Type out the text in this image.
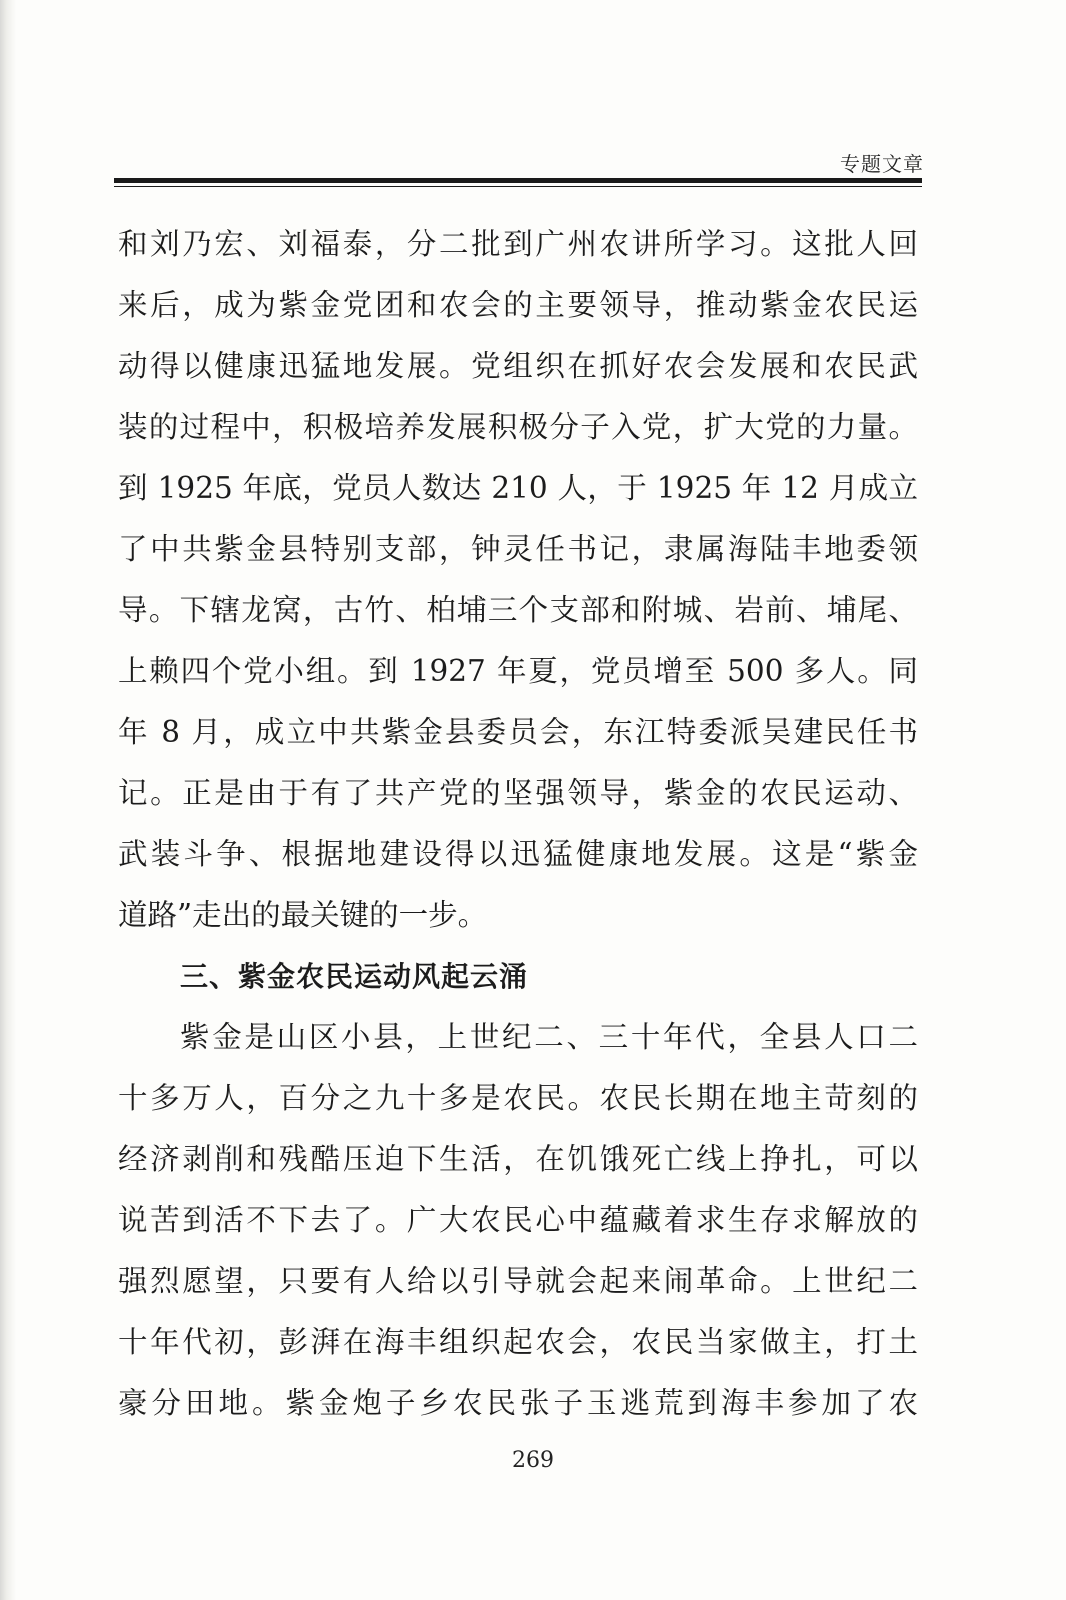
专题文章
和刘乃宏、刘福泰，分二批到广州农讲所学习。这批人回
来后，成为紫金党团和农会的主要领导，推动紫金农民运
动得以健康迅猛地发展。党组织在抓好农会发展和农民武
装的过程中，积极培养发展积极分子入党，扩大党的力量。
到 1925 年底，党员人数达 210 人，于 1925 年 12 月成立
了中共紫金县特别支部，钟灵任书记，隶属海陆丰地委领
导。下辖龙窝，古竹、柏埔三个支部和附城、岩前、埔尾、
上赖四个党小组。到 1927 年夏，党员增至 500 多人。同
年 8 月，成立中共紫金县委员会，东江特委派吴建民任书
记。正是由于有了共产党的坚强领导，紫金的农民运动、
武装斗争、根据地建设得以迅猛健康地发展。这是“紫金
道路”走出的最关键的一步。
三、紫金农民运动风起云涌
紫金是山区小县，上世纪二、三十年代，全县人口二
十多万人，百分之九十多是农民。农民长期在地主苛刻的
经济剥削和残酷压迫下生活，在饥饿死亡线上挣扎，可以
说苦到活不下去了。广大农民心中蕴藏着求生存求解放的
强烈愿望，只要有人给以引导就会起来闹革命。上世纪二
十年代初，彭湃在海丰组织起农会，农民当家做主，打土
豪分田地。紫金炮子乡农民张子玉逃荒到海丰参加了农
269
